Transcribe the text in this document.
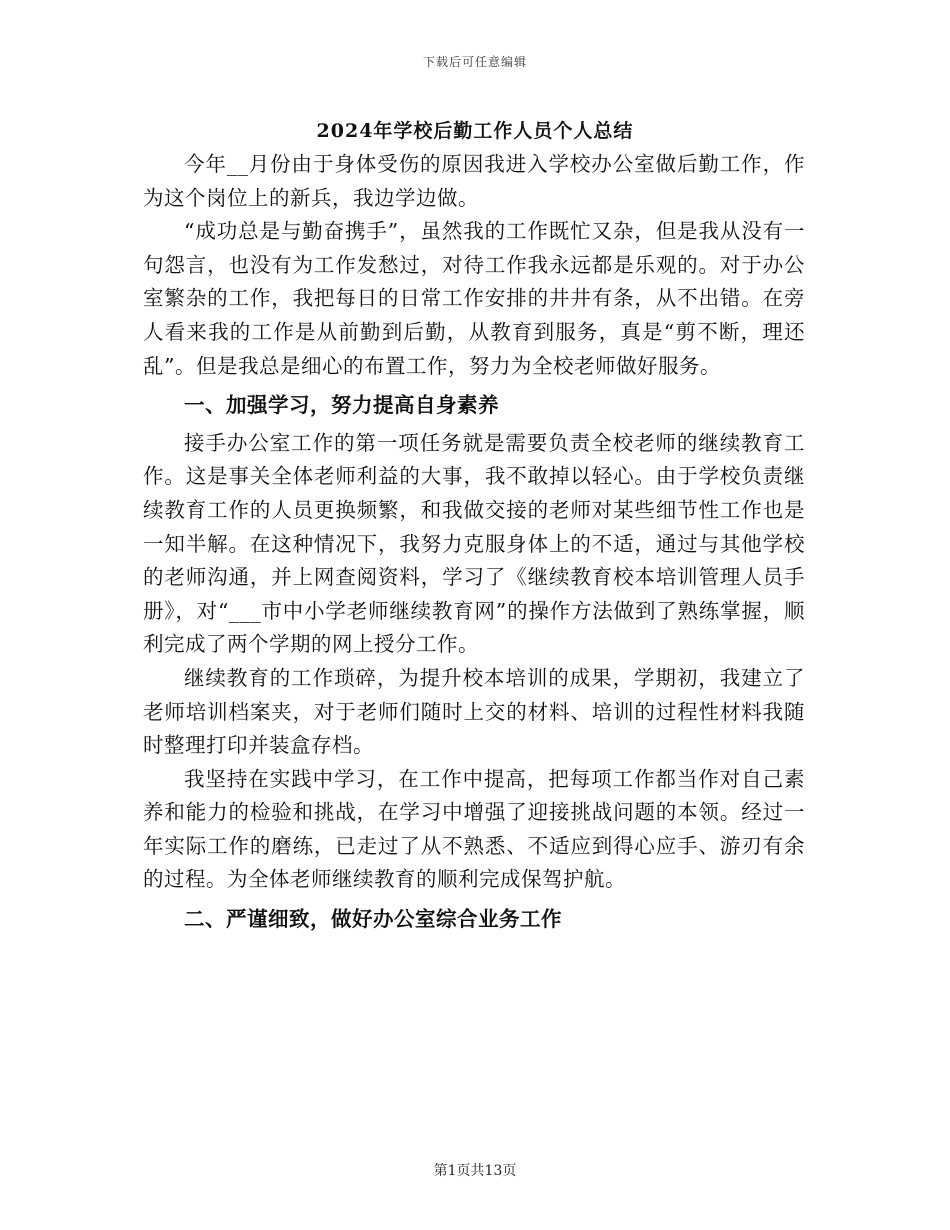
下载后可任意编辑
2024年学校后勤工作人员个人总结

今年__月份由于身体受伤的原因我进入学校办公室做后勤工作，作为这个岗位上的新兵，我边学边做。

“成功总是与勤奋携手”，虽然我的工作既忙又杂，但是我从没有一句怨言，也没有为工作发愁过，对待工作我永远都是乐观的。对于办公室繁杂的工作，我把每日的日常工作安排的井井有条，从不出错。在旁人看来我的工作是从前勤到后勤，从教育到服务，真是“剪不断，理还乱”。但是我总是细心的布置工作，努力为全校老师做好服务。

一、加强学习，努力提高自身素养

接手办公室工作的第一项任务就是需要负责全校老师的继续教育工作。这是事关全体老师利益的大事，我不敢掉以轻心。由于学校负责继续教育工作的人员更换频繁，和我做交接的老师对某些细节性工作也是一知半解。在这种情况下，我努力克服身体上的不适，通过与其他学校的老师沟通，并上网查阅资料，学习了《继续教育校本培训管理人员手册》，对“___市中小学老师继续教育网”的操作方法做到了熟练掌握，顺利完成了两个学期的网上授分工作。

继续教育的工作琐碎，为提升校本培训的成果，学期初，我建立了老师培训档案夹，对于老师们随时上交的材料、培训的过程性材料我随时整理打印并装盒存档。

我坚持在实践中学习，在工作中提高，把每项工作都当作对自己素养和能力的检验和挑战，在学习中增强了迎接挑战问题的本领。经过一年实际工作的磨练，已走过了从不熟悉、不适应到得心应手、游刃有余的过程。为全体老师继续教育的顺利完成保驾护航。

二、严谨细致，做好办公室综合业务工作

第1页共13页
